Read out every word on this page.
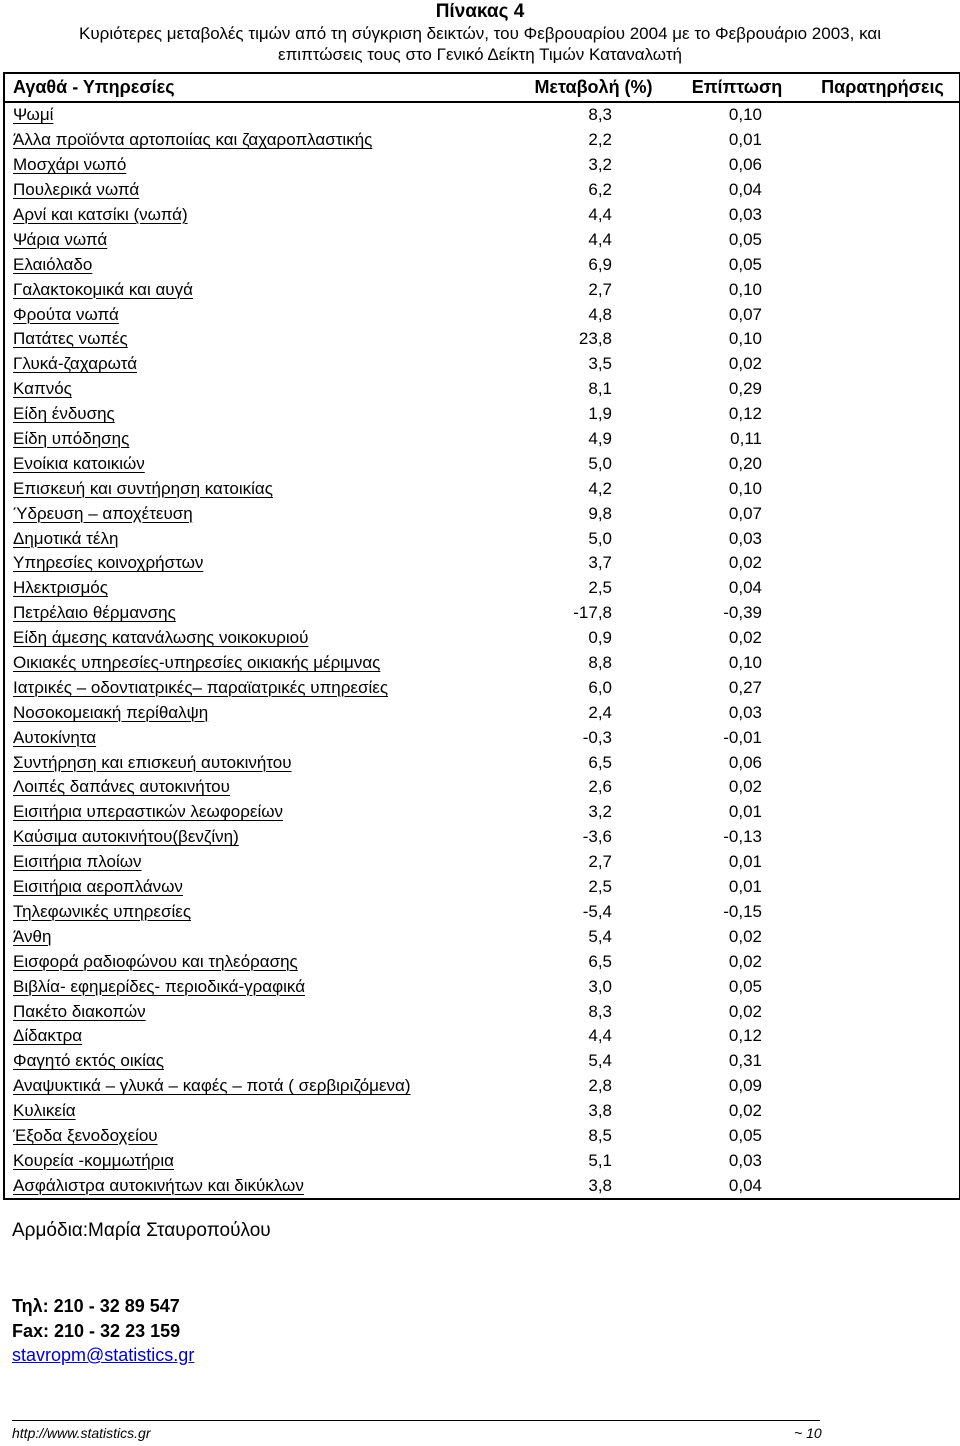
Πίνακας 4
Κυριότερες μεταβολές τιμών από τη σύγκριση δεικτών, του Φεβρουαρίου 2004 με το Φεβρουάριο 2003, και
επιπτώσεις τους στο Γενικό Δείκτη Τιμών Καταναλωτή
Αγαθά - Υπηρεσίες	Μεταβολή (%)	Επίπτωση	Παρατηρήσεις
Ψωμί	8,3	0,10	
Άλλα προϊόντα αρτοποιίας και ζαχαροπλαστικής	2,2	0,01	
Μοσχάρι νωπό	3,2	0,06	
Πουλερικά νωπά	6,2	0,04	
Αρνί και κατσίκι (νωπά)	4,4	0,03	
Ψάρια νωπά	4,4	0,05	
Ελαιόλαδο	6,9	0,05	
Γαλακτοκομικά και αυγά	2,7	0,10	
Φρούτα νωπά	4,8	0,07	
Πατάτες νωπές	23,8	0,10	
Γλυκά-ζαχαρωτά	3,5	0,02	
Καπνός	8,1	0,29	
Είδη ένδυσης	1,9	0,12	
Είδη υπόδησης	4,9	0,11	
Ενοίκια κατοικιών	5,0	0,20	
Επισκευή και συντήρηση κατοικίας	4,2	0,10	
Ύδρευση – αποχέτευση	9,8	0,07	
Δημοτικά τέλη	5,0	0,03	
Υπηρεσίες κοινοχρήστων	3,7	0,02	
Ηλεκτρισμός	2,5	0,04	
Πετρέλαιο θέρμανσης	-17,8	-0,39	
Είδη άμεσης κατανάλωσης νοικοκυριού	0,9	0,02	
Οικιακές υπηρεσίες-υπηρεσίες οικιακής μέριμνας	8,8	0,10	
Ιατρικές – οδοντιατρικές– παραϊατρικές υπηρεσίες	6,0	0,27	
Νοσοκομειακή περίθαλψη	2,4	0,03	
Αυτοκίνητα	-0,3	-0,01	
Συντήρηση και επισκευή αυτοκινήτου	6,5	0,06	
Λοιπές δαπάνες αυτοκινήτου	2,6	0,02	
Εισιτήρια υπεραστικών λεωφορείων	3,2	0,01	
Καύσιμα αυτοκινήτου(βενζίνη)	-3,6	-0,13	
Εισιτήρια πλοίων	2,7	0,01	
Εισιτήρια αεροπλάνων	2,5	0,01	
Τηλεφωνικές υπηρεσίες	-5,4	-0,15	
Άνθη	5,4	0,02	
Εισφορά ραδιοφώνου και τηλεόρασης	6,5	0,02	
Βιβλία- εφημερίδες- περιοδικά-γραφικά	3,0	0,05	
Πακέτο διακοπών	8,3	0,02	
Δίδακτρα	4,4	0,12	
Φαγητό εκτός οικίας	5,4	0,31	
Αναψυκτικά – γλυκά – καφές – ποτά ( σερβιριζόμενα)	2,8	0,09	
Κυλικεία	3,8	0,02	
Έξοδα ξενοδοχείου	8,5	0,05	
Κουρεία -κομμωτήρια	5,1	0,03	
Ασφάλιστρα αυτοκινήτων και δικύκλων	3,8	0,04	
Αρμόδια:Μαρία Σταυροπούλου
Τηλ: 210 - 32 89 547
Fax: 210 - 32 23 159
stavropm@statistics.gr
http://www.statistics.gr	~ 10
